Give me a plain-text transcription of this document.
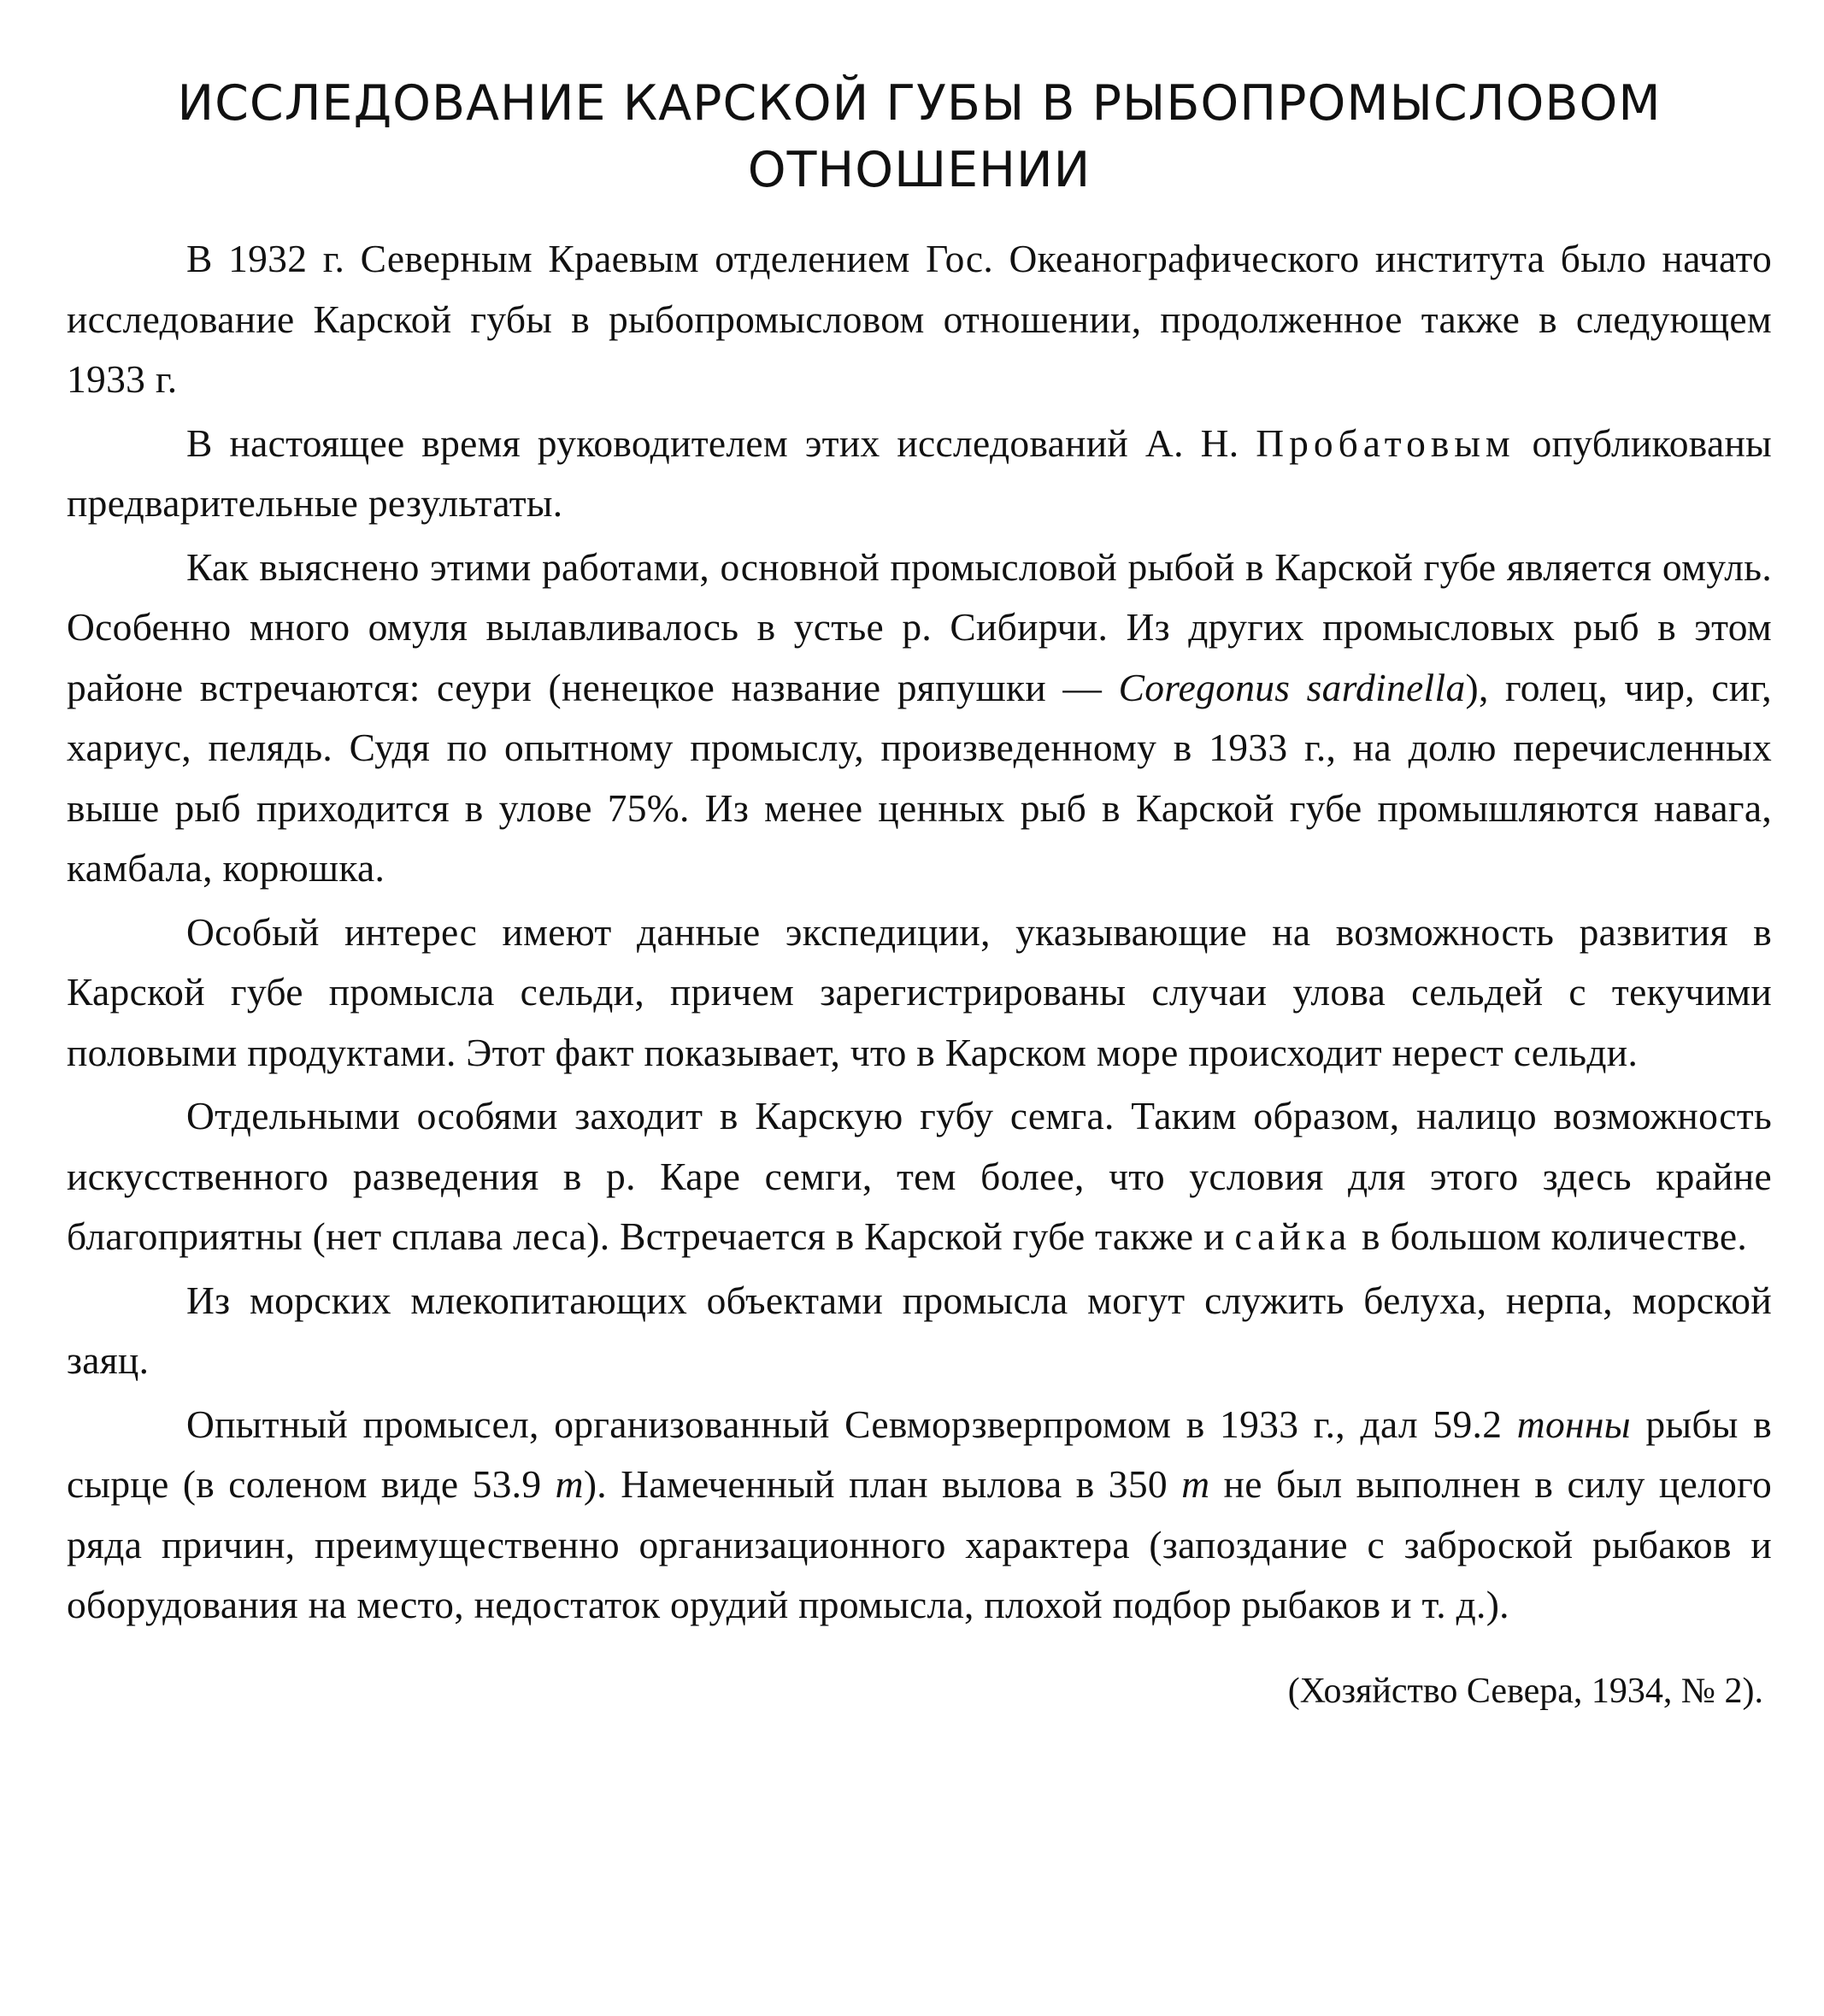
ИССЛЕДОВАНИЕ КАРСКОЙ ГУБЫ В РЫБОПРОМЫСЛОВОМ
ОТНОШЕНИИ

В 1932 г. Северным Краевым отделением Гос. Океанографического института было начато исследование Карской губы в рыбопромысловом отношении, продолженное также в следующем 1933 г.

В настоящее время руководителем этих исследований А. Н. Пробатовым опубликованы предварительные результаты.

Как выяснено этими работами, основной промысловой рыбой в Карской губе является омуль. Особенно много омуля вылавливалось в устье р. Сибирчи. Из других промысловых рыб в этом районе встречаются: сеури (ненецкое название ряпушки — Coregonus sardinella), голец, чир, сиг, хариус, пелядь. Судя по опытному промыслу, произведенному в 1933 г., на долю перечисленных выше рыб приходится в улове 75%. Из менее ценных рыб в Карской губе промышляются навага, камбала, корюшка.

Особый интерес имеют данные экспедиции, указывающие на возможность развития в Карской губе промысла сельди, причем зарегистрированы случаи улова сельдей с текучими половыми продуктами. Этот факт показывает, что в Карском море происходит нерест сельди.

Отдельными особями заходит в Карскую губу семга. Таким образом, налицо возможность искусственного разведения в р. Каре семги, тем более, что условия для этого здесь крайне благоприятны (нет сплава леса). Встречается в Карской губе также и сайка в большом количестве.

Из морских млекопитающих объектами промысла могут служить белуха, нерпа, морской заяц.

Опытный промысел, организованный Севморзверпромом в 1933 г., дал 59.2 тонны рыбы в сырце (в соленом виде 53.9 т). Намеченный план вылова в 350 т не был выполнен в силу целого ряда причин, преимущественно организационного характера (запоздание с заброской рыбаков и оборудования на место, недостаток орудий промысла, плохой подбор рыбаков и т. д.).

(Хозяйство Севера, 1934, № 2).
